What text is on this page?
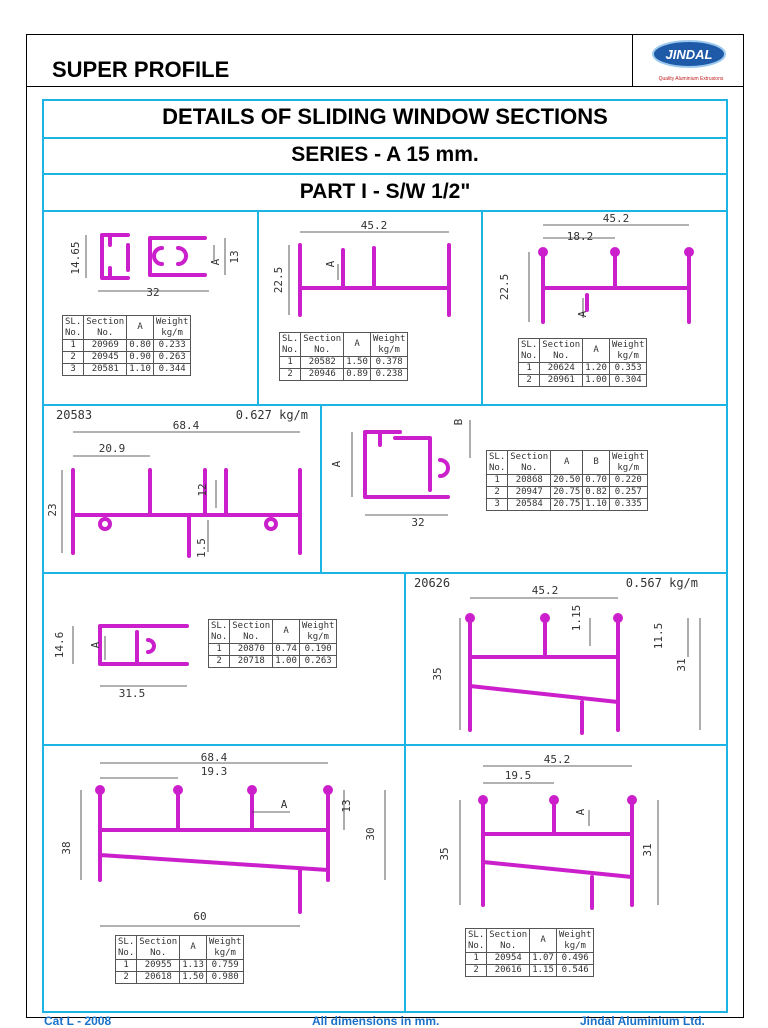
JINDAL
Quality Aluminium Extrusions
SUPER PROFILE
DETAILS OF SLIDING WINDOW SECTIONS
SERIES - A 15 mm.
PART I - S/W 1/2"
14.65	A 13
32
45.2
22.5
A
45.2
18.2
22.5
A
20583	0.627 kg/m
68.4
20.9
23
12
1.5
A
B
32
14.6 A
31.5
20626	0.567 kg/m
45.2
1.15
11.5
35
31
68.4
19.3
A	13
38
30
60
45.2
19.5
A
35	31
SL.
No.	Section
No.	A	Weight
kg/m
1	20969	0.80	0.233
2	20945	0.90	0.263
3	20581	1.10	0.344
SL.
No.	Section
No.	A	Weight
kg/m
1	20582	1.50	0.378
2	20946	0.89	0.238
SL.
No.	Section
No.	A	Weight
kg/m
1	20624	1.20	0.353
2	20961	1.00	0.304
SL.
No.	Section
No.	A	B	Weight
kg/m
1	20868	20.50	0.70	0.220
2	20947	20.75	0.82	0.257
3	20584	20.75	1.10	0.335
SL.
No.	Section
No.	A	Weight
kg/m
1	20870	0.74	0.190
2	20718	1.00	0.263
SL.
No.	Section
No.	A	Weight
kg/m
1	20955	1.13	0.759
2	20618	1.50	0.980
SL.
No.	Section
No.	A	Weight
kg/m
1	20954	1.07	0.496
2	20616	1.15	0.546
Cat L - 2008	All dimensions in mm.	Jindal Aluminium Ltd.
